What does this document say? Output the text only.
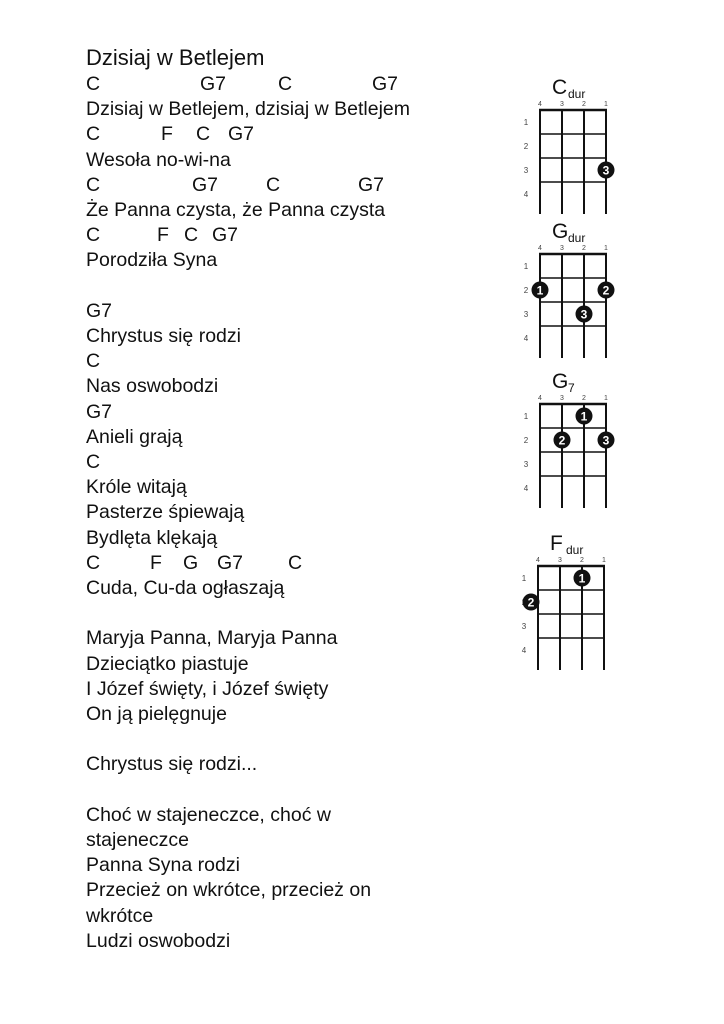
Dzisiaj w Betlejem
C	G7	C	G7
Dzisiaj w Betlejem, dzisiaj w Betlejem
C	F C G7
Wesoła no-wi-na
C	G7 C	G7
Że Panna czysta, że Panna czysta
C	F C G7
Porodziła Syna
G7
Chrystus się rodzi
C
Nas oswobodzi
G7
Anieli grają
C
Króle witają
Pasterze śpiewają
Bydlęta klękają
C	F G G7 C
Cuda, Cu-da ogłaszają
Maryja Panna, Maryja Panna
Dzieciątko piastuje
I Józef święty, i Józef święty
On ją pielęgnuje
Chrystus się rodzi...
Choć w stajeneczce, choć w
stajeneczce
Panna Syna rodzi
Przecież on wkrótce, przecież on
wkrótce
Ludzi oswobodzi
C dur
4	3	2	1
1
2
3
4
3
G dur
4	3	2	1
1
2
3
4
1	2
3
G 7
4	3	2	1
1
2
3
4
1
2	3
F dur
4	3	2	1
1
3
4
1
2
